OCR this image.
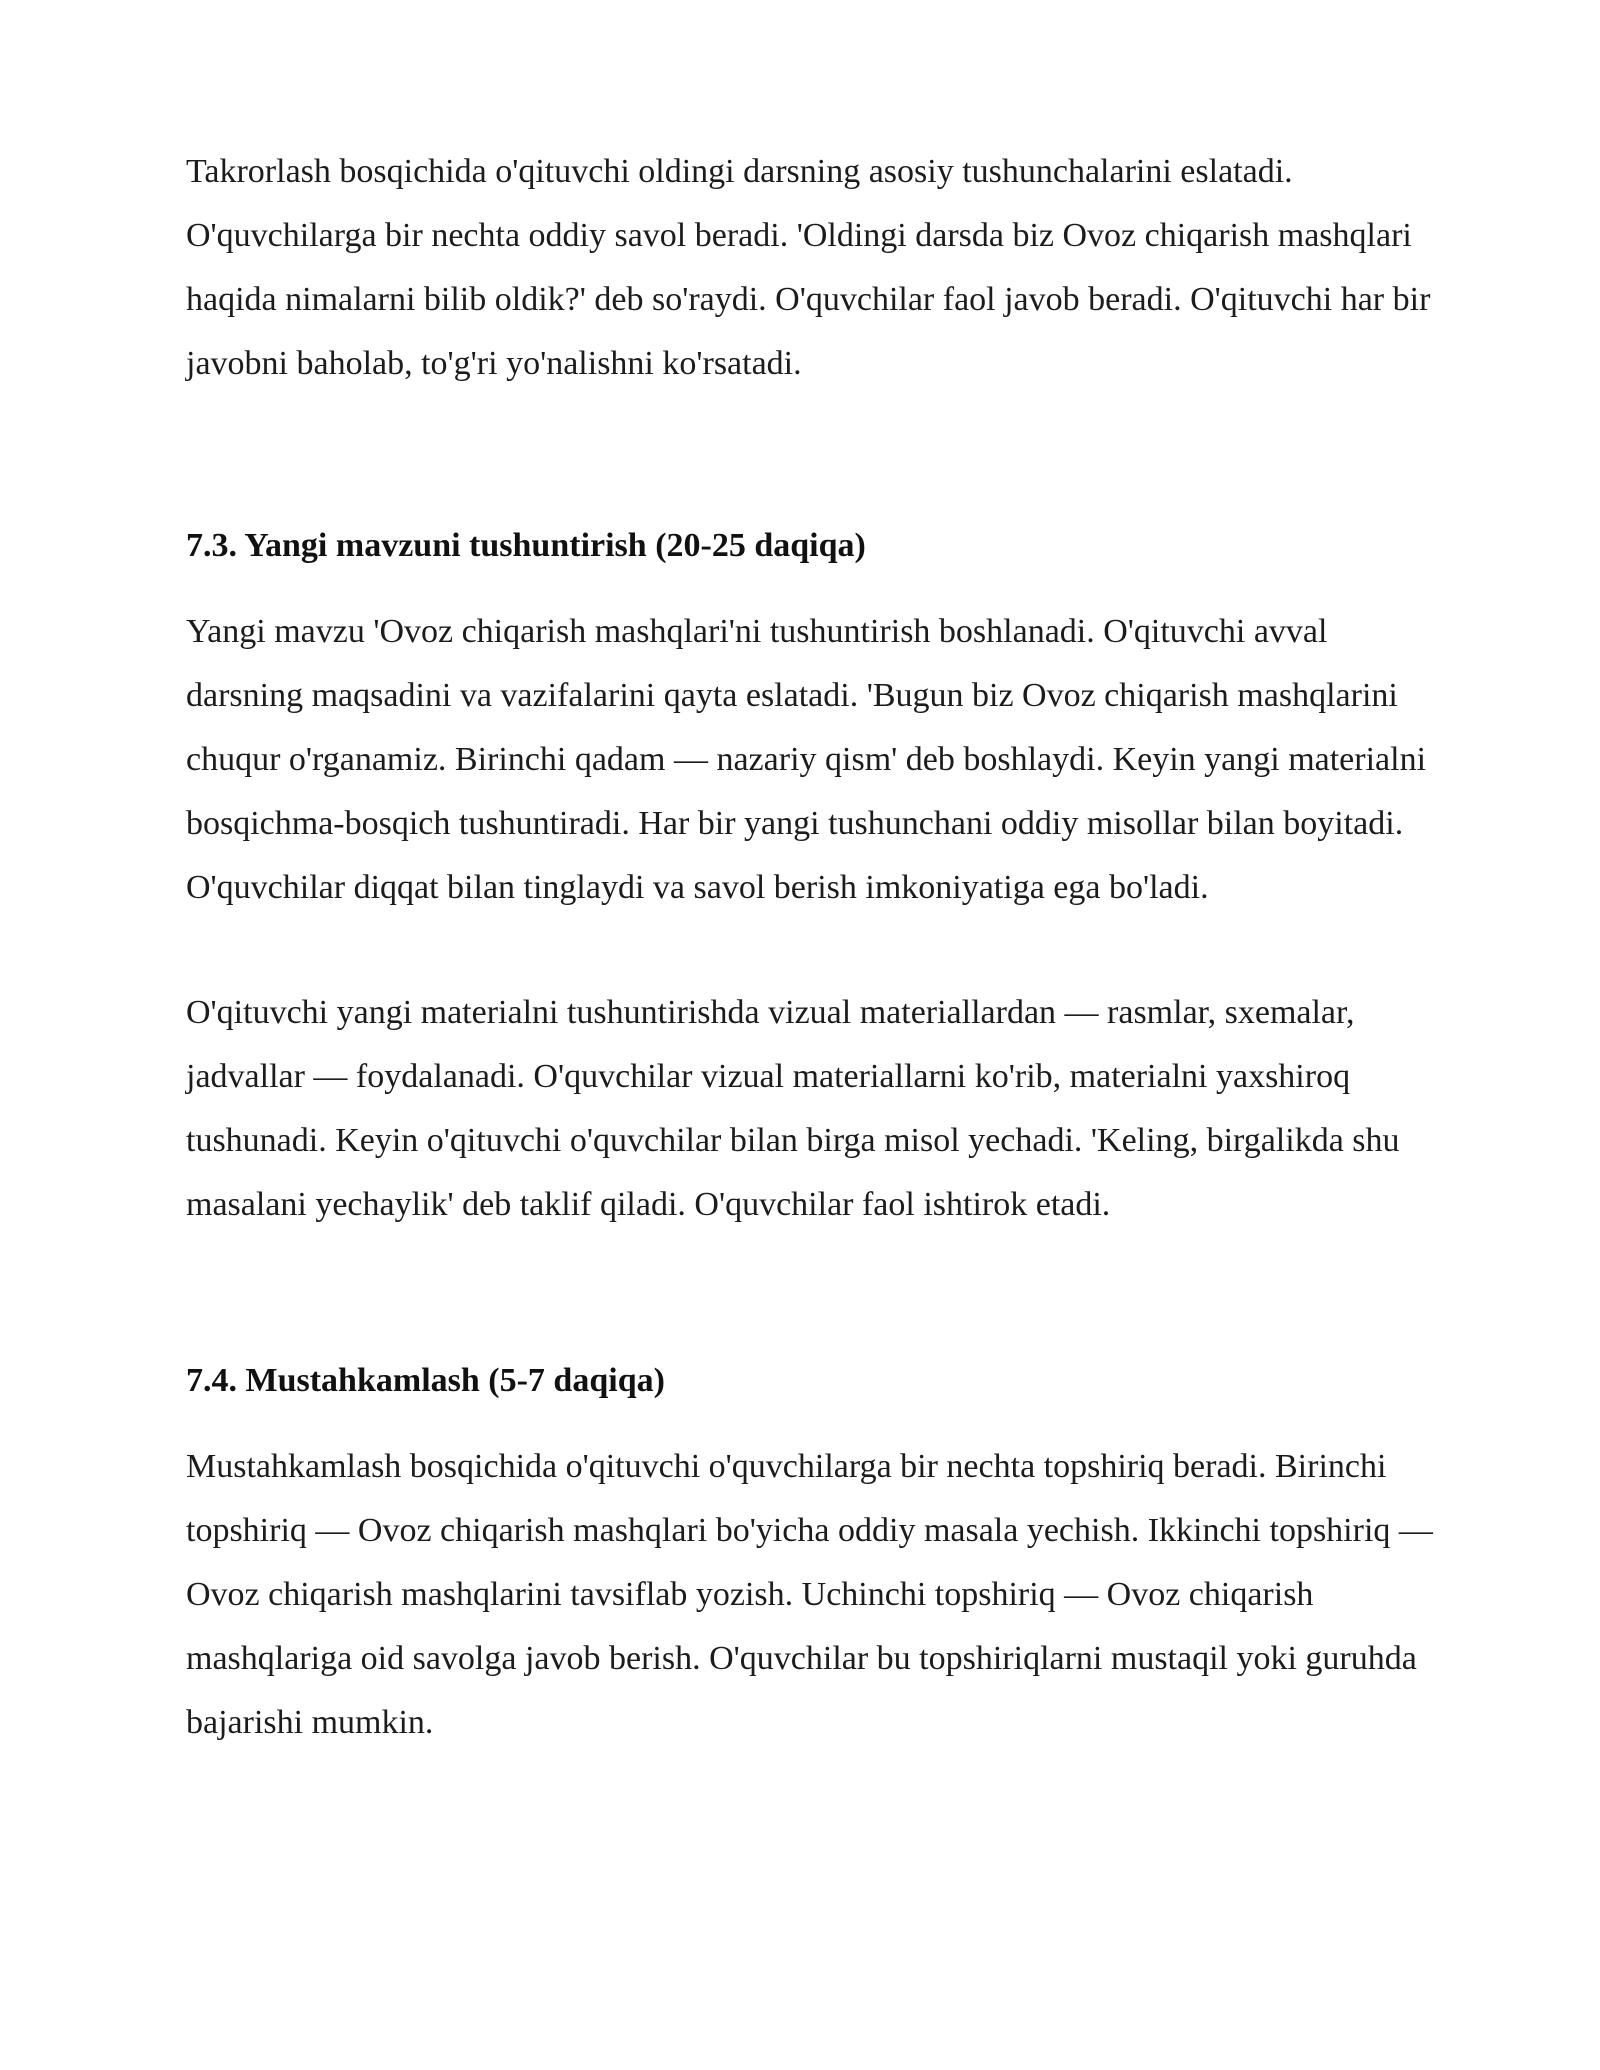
Takrorlash bosqichida o'qituvchi oldingi darsning asosiy tushunchalarini eslatadi. O'quvchilarga bir nechta oddiy savol beradi. 'Oldingi darsda biz Ovoz chiqarish mashqlari haqida nimalarni bilib oldik?' deb so'raydi. O'quvchilar faol javob beradi. O'qituvchi har bir javobni baholab, to'g'ri yo'nalishni ko'rsatadi.

7.3. Yangi mavzuni tushuntirish (20-25 daqiqa)

Yangi mavzu 'Ovoz chiqarish mashqlari'ni tushuntirish boshlanadi. O'qituvchi avval darsning maqsadini va vazifalarini qayta eslatadi. 'Bugun biz Ovoz chiqarish mashqlarini chuqur o'rganamiz. Birinchi qadam — nazariy qism' deb boshlaydi. Keyin yangi materialni bosqichma-bosqich tushuntiradi. Har bir yangi tushunchani oddiy misollar bilan boyitadi. O'quvchilar diqqat bilan tinglaydi va savol berish imkoniyatiga ega bo'ladi.

O'qituvchi yangi materialni tushuntirishda vizual materiallardan — rasmlar, sxemalar, jadvallar — foydalanadi. O'quvchilar vizual materiallarni ko'rib, materialni yaxshiroq tushunadi. Keyin o'qituvchi o'quvchilar bilan birga misol yechadi. 'Keling, birgalikda shu masalani yechaylik' deb taklif qiladi. O'quvchilar faol ishtirok etadi.

7.4. Mustahkamlash (5-7 daqiqa)

Mustahkamlash bosqichida o'qituvchi o'quvchilarga bir nechta topshiriq beradi. Birinchi topshiriq — Ovoz chiqarish mashqlari bo'yicha oddiy masala yechish. Ikkinchi topshiriq — Ovoz chiqarish mashqlarini tavsiflab yozish. Uchinchi topshiriq — Ovoz chiqarish mashqlariga oid savolga javob berish. O'quvchilar bu topshiriqlarni mustaqil yoki guruhda bajarishi mumkin.
